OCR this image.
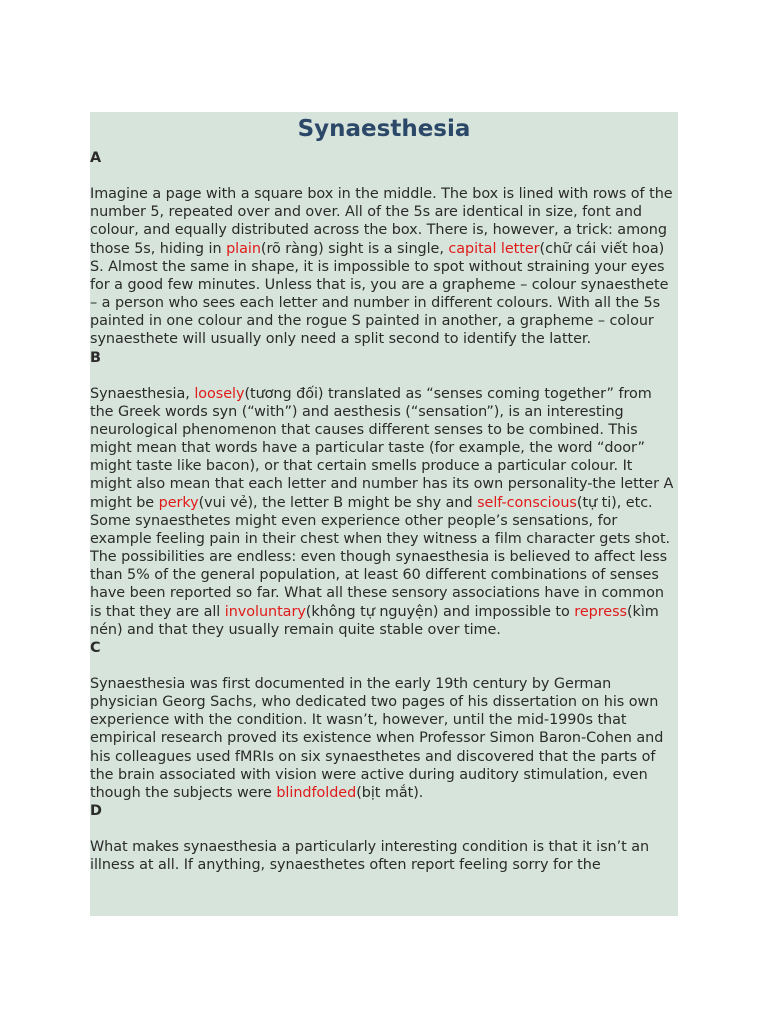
Synaesthesia
A

Imagine a page with a square box in the middle. The box is lined with rows of the number 5, repeated over and over. All of the 5s are identical in size, font and colour, and equally distributed across the box. There is, however, a trick: among those 5s, hiding in plain(rõ ràng) sight is a single, capital letter(chữ cái viết hoa) S. Almost the same in shape, it is impossible to spot without straining your eyes for a good few minutes. Unless that is, you are a grapheme – colour synaesthete – a person who sees each letter and number in different colours. With all the 5s painted in one colour and the rogue S painted in another, a grapheme – colour synaesthete will usually only need a split second to identify the latter.

B

Synaesthesia, loosely(tương đối) translated as “senses coming together” from the Greek words syn (“with”) and aesthesis (“sensation”), is an interesting neurological phenomenon that causes different senses to be combined. This might mean that words have a particular taste (for example, the word “door” might taste like bacon), or that certain smells produce a particular colour. It might also mean that each letter and number has its own personality-the letter A might be perky(vui vẻ), the letter B might be shy and self-conscious(tự ti), etc. Some synaesthetes might even experience other people’s sensations, for example feeling pain in their chest when they witness a film character gets shot. The possibilities are endless: even though synaesthesia is believed to affect less than 5% of the general population, at least 60 different combinations of senses have been reported so far. What all these sensory associations have in common is that they are all involuntary(không tự nguyện) and impossible to repress(kìm nén) and that they usually remain quite stable over time.

C

Synaesthesia was first documented in the early 19th century by German physician Georg Sachs, who dedicated two pages of his dissertation on his own experience with the condition. It wasn’t, however, until the mid-1990s that empirical research proved its existence when Professor Simon Baron-Cohen and his colleagues used fMRIs on six synaesthetes and discovered that the parts of the brain associated with vision were active during auditory stimulation, even though the subjects were blindfolded(bịt mắt).

D

What makes synaesthesia a particularly interesting condition is that it isn’t an illness at all. If anything, synaesthetes often report feeling sorry for the
